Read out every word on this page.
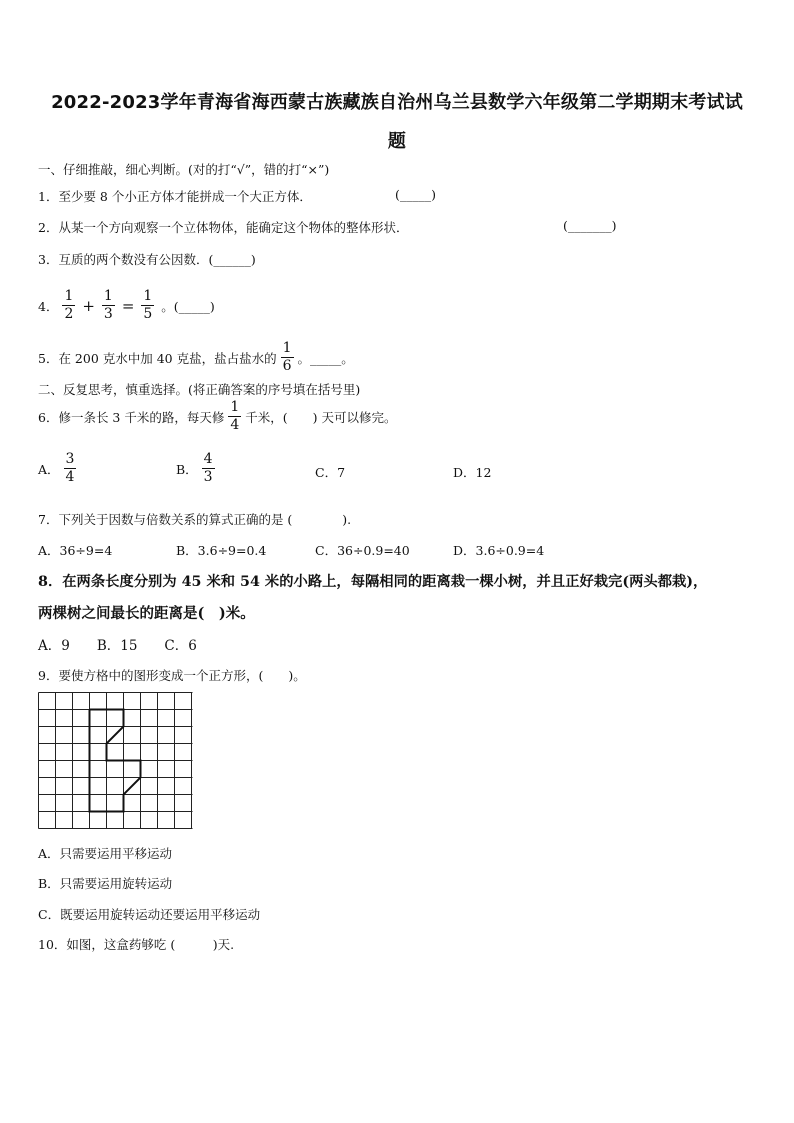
2022-2023学年青海省海西蒙古族藏族自治州乌兰县数学六年级第二学期期末考试试
题
一、仔细推敲，细心判断。(对的打“√”，错的打“×”)
1．至少要 8 个小正方体才能拼成一个大正方体．	(_____)
2．从某一个方向观察一个立体物体，能确定这个物体的整体形状．	(_______)
3．互质的两个数没有公因数．(______)
4． $\frac{1}{2} + \frac{1}{3} = \frac{1}{5}$ 。(_____)
5．在 200 克水中加 40 克盐，盐占盐水的 $\frac{1}{6}$ 。_____。
二、反复思考，慎重选择。(将正确答案的序号填在括号里)
6．修一条长 3 千米的路，每天修 $\frac{1}{4}$ 千米，(　　) 天可以修完。
A． $\frac{3}{4}$	B． $\frac{4}{3}$	C．7	D．12
7．下列关于因数与倍数关系的算式正确的是 (　　　　).
A．36÷9=4	B．3.6÷9=0.4	C．36÷0.9=40	D．3.6÷0.9=4
8．在两条长度分别为 45 米和 54 米的小路上，每隔相同的距离栽一棵小树，并且正好栽完(两头都栽)，
两棵树之间最长的距离是(　)米。
A．9　　B．15　　C．6
9．要使方格中的图形变成一个正方形，(　　)。
A．只需要运用平移运动
B．只需要运用旋转运动
C．既要运用旋转运动还要运用平移运动
10．如图，这盒药够吃 (　　　)天.
